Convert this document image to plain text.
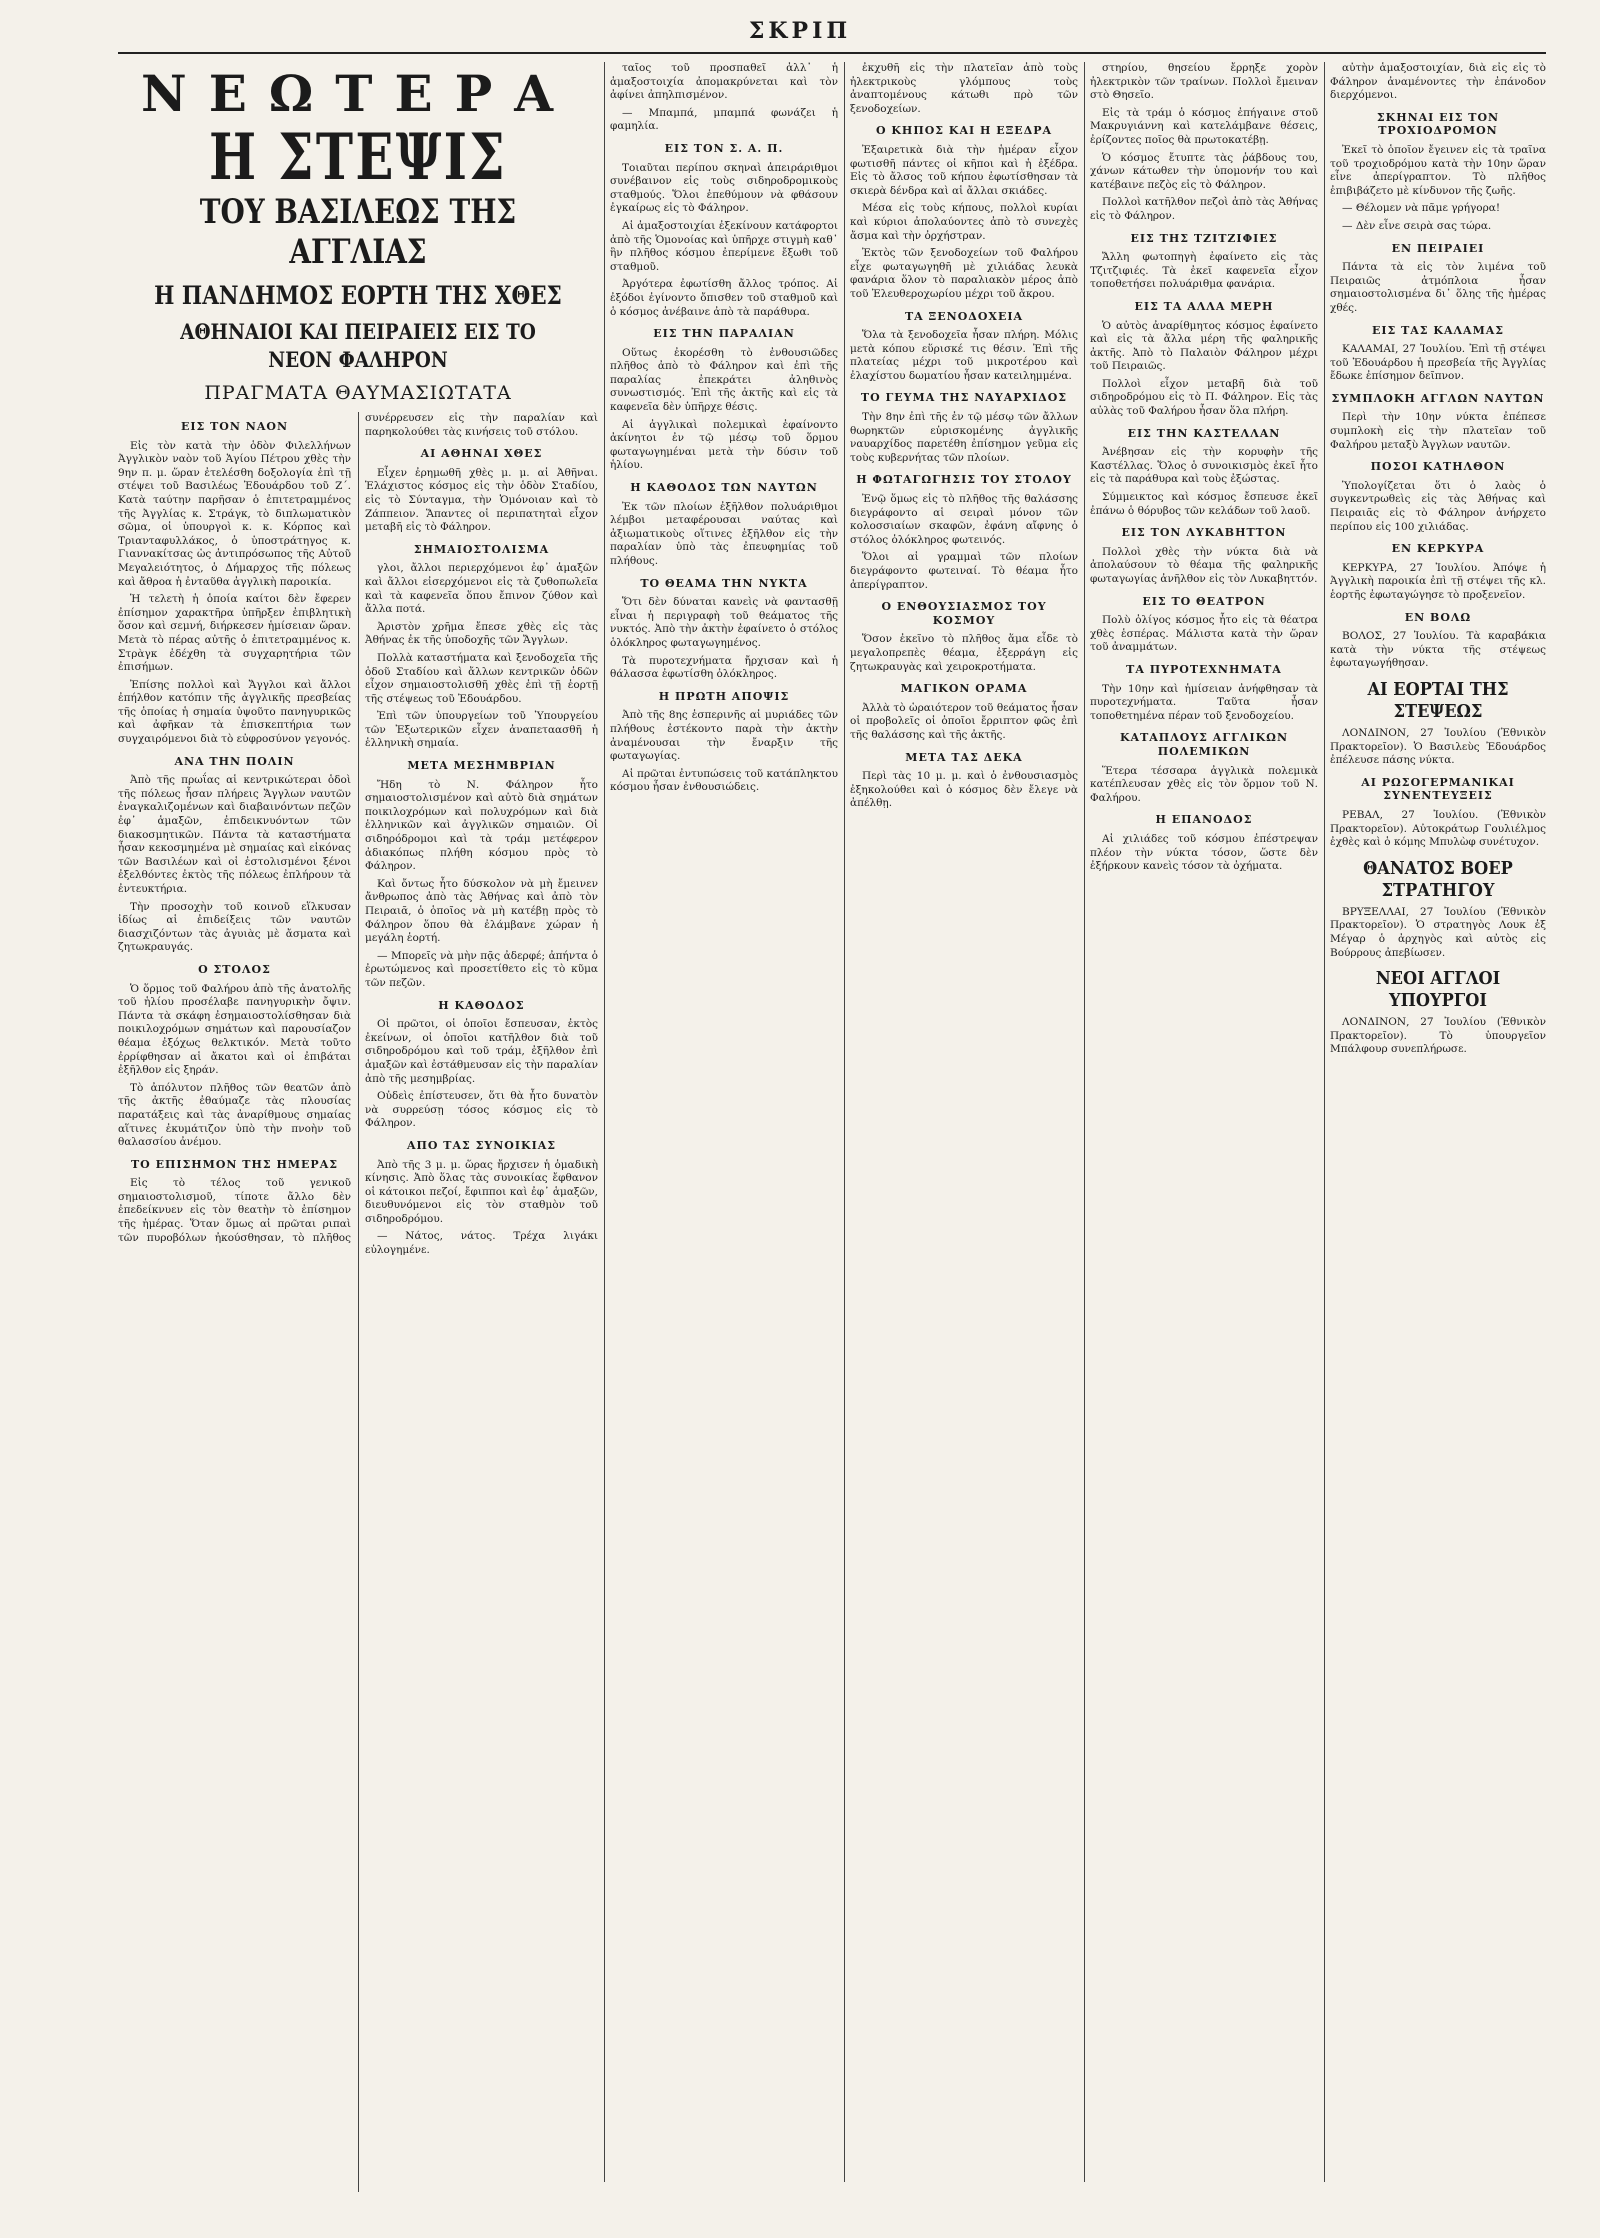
ΣΚΡΙΠ
ΝΕΩΤΕΡΑ
Η ΣΤΕΨΙΣ
ΤΟΥ ΒΑΣΙΛΕΩΣ ΤΗΣ ΑΓΓΛΙΑΣ
Η ΠΑΝΔΗΜΟΣ ΕΟΡΤΗ ΤΗΣ ΧΘΕΣ
ΑΘΗΝΑΙΟΙ ΚΑΙ ΠΕΙΡΑΙΕΙΣ ΕΙΣ ΤΟ ΝΕΟΝ ΦΑΛΗΡΟΝ
ΠΡΑΓΜΑΤΑ ΘΑΥΜΑΣΙΩΤΑΤΑ
ΕΙΣ ΤΟΝ ΝΑΟΝ

Εἰς τὸν κατὰ τὴν ὁδὸν Φιλελλήνων Ἀγγλικὸν ναὸν τοῦ Ἁγίου Πέτρου χθὲς τὴν 9ην π. μ. ὥραν ἐτελέσθη δοξολογία ἐπὶ τῇ στέψει τοῦ Βασιλέως Ἐδουάρδου τοῦ Ζ΄. Κατὰ ταύτην παρῆσαν ὁ ἐπιτετραμμένος τῆς Ἀγγλίας κ. Στράγκ, τὸ διπλωματικὸν σῶμα, οἱ ὑπουργοὶ κ. κ. Κόρπος καὶ Τριανταφυλλάκος, ὁ ὑποστράτηγος κ. Γιαννακίτσας ὡς ἀντιπρόσωπος τῆς Αὐτοῦ Μεγαλειότητος, ὁ Δήμαρχος τῆς πόλεως καὶ ἄθροα ἡ ἐνταῦθα ἀγγλικὴ παροικία.

Ἡ τελετὴ ἡ ὁποία καίτοι δὲν ἔφερεν ἐπίσημον χαρακτῆρα ὑπῆρξεν ἐπιβλητικὴ ὅσον καὶ σεμνή, διήρκεσεν ἡμίσειαν ὥραν. Μετὰ τὸ πέρας αὐτῆς ὁ ἐπιτετραμμένος κ. Στρὰγκ ἐδέχθη τὰ συγχαρητήρια τῶν ἐπισήμων.

Ἐπίσης πολλοὶ καὶ Ἄγγλοι καὶ ἄλλοι ἐπήλθον κατόπιν τῆς ἀγγλικῆς πρεσβείας τῆς ὁποίας ἡ σημαία ὑψοῦτο πανηγυρικῶς καὶ ἀφῆκαν τὰ ἐπισκεπτήρια των συγχαιρόμενοι διὰ τὸ εὐφροσύνον γεγονός.

ΑΝΑ ΤΗΝ ΠΟΛΙΝ

Ἀπὸ τῆς πρωΐας αἱ κεντρικώτεραι ὁδοὶ τῆς πόλεως ἦσαν πλήρεις Ἄγγλων ναυτῶν ἐναγκαλιζομένων καὶ διαβαινόντων πεζῶν ἐφ᾽ ἁμαξῶν, ἐπιδεικνυόντων τῶν διακοσμητικῶν. Πάντα τὰ καταστήματα ἦσαν κεκοσμημένα μὲ σημαίας καὶ εἰκόνας τῶν Βασιλέων καὶ οἱ ἐστολισμένοι ξένοι ἐξελθόντες ἐκτὸς τῆς πόλεως ἐπλήρουν τὰ ἐντευκτήρια.

Τὴν προσοχὴν τοῦ κοινοῦ εἵλκυσαν ἰδίως αἱ ἐπιδείξεις τῶν ναυτῶν διασχιζόντων τὰς ἀγυιὰς μὲ ἄσματα καὶ ζητωκραυγάς.

Ο ΣΤΟΛΟΣ

Ὁ ὅρμος τοῦ Φαλήρου ἀπὸ τῆς ἀνατολῆς τοῦ ἡλίου προσέλαβε πανηγυρικὴν ὄψιν. Πάντα τὰ σκάφη ἐσημαιοστολίσθησαν διὰ ποικιλοχρόμων σημάτων καὶ παρουσίαζον θέαμα ἐξόχως θελκτικόν. Μετὰ τοῦτο ἐρρίφθησαν αἱ ἄκατοι καὶ οἱ ἐπιβάται ἐξῆλθον εἰς ξηράν.

Τὸ ἀπόλυτον πλῆθος τῶν θεατῶν ἀπὸ τῆς ἀκτῆς ἐθαύμαζε τὰς πλουσίας παρατάξεις καὶ τὰς ἀναρίθμους σημαίας αἵτινες ἐκυμάτιζον ὑπὸ τὴν πνοὴν τοῦ θαλασσίου ἀνέμου.

ΤΟ ΕΠΙΣΗΜΟΝ ΤΗΣ ΗΜΕΡΑΣ

Εἰς τὸ τέλος τοῦ γενικοῦ σημαιοστολισμοῦ, τίποτε ἄλλο δὲν ἐπεδείκνυεν εἰς τὸν θεατὴν τὸ ἐπίσημον τῆς ἡμέρας. Ὅταν ὅμως αἱ πρῶται ριπαὶ τῶν πυροβόλων ἠκούσθησαν, τὸ πλῆθος συνέρρευσεν εἰς τὴν παραλίαν καὶ παρηκολούθει τὰς κινήσεις τοῦ στόλου.

ΑΙ ΑΘΗΝΑΙ ΧΘΕΣ

Εἶχεν ἐρημωθῆ χθὲς μ. μ. αἱ Ἀθῆναι. Ἑλάχιστος κόσμος εἰς τὴν ὁδὸν Σταδίου, εἰς τὸ Σύνταγμα, τὴν Ὁμόνοιαν καὶ τὸ Ζάππειον. Ἅπαντες οἱ περιπατηταὶ εἶχον μεταβῆ εἰς τὸ Φάληρον.

ΣΗΜΑΙΟΣΤΟΛΙΣΜΑ

γλοι, ἄλλοι περιερχόμενοι ἐφ᾽ ἁμαξῶν καὶ ἄλλοι εἰσερχόμενοι εἰς τὰ ζυθοπωλεῖα καὶ τὰ καφενεῖα ὅπου ἔπινον ζύθον καὶ ἄλλα ποτά.

Ἀριστὸν χρῆμα ἔπεσε χθὲς εἰς τὰς Ἀθήνας ἐκ τῆς ὑποδοχῆς τῶν Ἄγγλων.

Πολλὰ καταστήματα καὶ ξενοδοχεῖα τῆς ὁδοῦ Σταδίου καὶ ἄλλων κεντρικῶν ὁδῶν εἶχον σημαιοστολισθῆ χθὲς ἐπὶ τῇ ἑορτῇ τῆς στέψεως τοῦ Ἐδουάρδου.

Ἐπὶ τῶν ὑπουργείων τοῦ Ὑπουργείου τῶν Ἐξωτερικῶν εἶχεν ἀναπεταασθῆ ἡ ἑλληνικὴ σημαία.

ΜΕΤΑ ΜΕΣΗΜΒΡΙΑΝ

Ἤδη τὸ Ν. Φάληρον ἦτο σημαιοστολισμένον καὶ αὐτὸ διὰ σημάτων ποικιλοχρόμων καὶ πολυχρόμων καὶ διὰ ἑλληνικῶν καὶ ἀγγλικῶν σημαιῶν. Οἱ σιδηρόδρομοι καὶ τὰ τράμ μετέφερον ἀδιακόπως πλήθη κόσμου πρὸς τὸ Φάληρον.

Καὶ ὄντως ἦτο δύσκολον νὰ μὴ ἔμεινεν ἄνθρωπος ἀπὸ τὰς Ἀθήνας καὶ ἀπὸ τὸν Πειραιᾶ, ὁ ὁποῖος νὰ μὴ κατέβῃ πρὸς τὸ Φάληρον ὅπου θὰ ἐλάμβανε χώραν ἡ μεγάλη ἑορτή.

— Μπορεῖς νὰ μὴν πᾷς ἀδερφέ; ἀπήντα ὁ ἐρωτώμενος καὶ προσετίθετο εἰς τὸ κῦμα τῶν πεζῶν.

Η ΚΑΘΟΔΟΣ

Οἱ πρῶτοι, οἱ ὁποῖοι ἔσπευσαν, ἐκτὸς ἐκείνων, οἱ ὁποῖοι κατῆλθον διὰ τοῦ σιδηροδρόμου καὶ τοῦ τράμ, ἐξῆλθον ἐπὶ ἁμαξῶν καὶ ἐστάθμευσαν εἰς τὴν παραλίαν ἀπὸ τῆς μεσημβρίας.

Οὐδεὶς ἐπίστευσεν, ὅτι θὰ ἦτο δυνατὸν νὰ συρρεύσῃ τόσος κόσμος εἰς τὸ Φάληρον.

ΑΠΟ ΤΑΣ ΣΥΝΟΙΚΙΑΣ

Ἀπὸ τῆς 3 μ. μ. ὥρας ἤρχισεν ἡ ὁμαδικὴ κίνησις. Ἀπὸ ὅλας τὰς συνοικίας ἔφθανον οἱ κάτοικοι πεζοί, ἔφιπποι καὶ ἐφ᾽ ἁμαξῶν, διευθυνόμενοι εἰς τὸν σταθμὸν τοῦ σιδηροδρόμου.

— Νάτος, νάτος. Τρέχα λιγάκι εὐλογημένε.

ταῖος τοῦ προσπαθεῖ ἀλλ᾽ ἡ ἁμαξοστοιχία ἀπομακρύνεται καὶ τὸν ἀφίνει ἀπηλπισμένον.

— Μπαμπά, μπαμπά φωνάζει ἡ φαμηλία.

ΕΙΣ ΤΟΝ Σ. Α. Π.

Τοιαῦται περίπου σκηναὶ ἀπειράριθμοι συνέβαινον εἰς τοὺς σιδηροδρομικοὺς σταθμούς. Ὅλοι ἐπεθύμουν νὰ φθάσουν ἐγκαίρως εἰς τὸ Φάληρον.

Αἱ ἀμαξοστοιχίαι ἐξεκίνουν κατάφορτοι ἀπὸ τῆς Ὁμονοίας καὶ ὑπῆρχε στιγμὴ καθ᾽ ἣν πλῆθος κόσμου ἐπερίμενε ἔξωθι τοῦ σταθμοῦ.

Ἀργότερα ἐφωτίσθη ἄλλος τρόπος. Αἱ ἐξόδοι ἐγίνοντο ὄπισθεν τοῦ σταθμοῦ καὶ ὁ κόσμος ἀνέβαινε ἀπὸ τὰ παράθυρα.

ΕΙΣ ΤΗΝ ΠΑΡΑΛΙΑΝ

Οὕτως ἐκορέσθη τὸ ἐνθουσιῶδες πλῆθος ἀπὸ τὸ Φάληρον καὶ ἐπὶ τῆς παραλίας ἐπεκράτει ἀληθινὸς συνωστισμός. Ἐπὶ τῆς ἀκτῆς καὶ εἰς τὰ καφενεῖα δὲν ὑπῆρχε θέσις.

Αἱ ἀγγλικαὶ πολεμικαὶ ἐφαίνοντο ἀκίνητοι ἐν τῷ μέσῳ τοῦ ὅρμου φωταγωγημέναι μετὰ τὴν δύσιν τοῦ ἡλίου.

Η ΚΑΘΟΔΟΣ ΤΩΝ ΝΑΥΤΩΝ

Ἐκ τῶν πλοίων ἐξῆλθον πολυάριθμοι λέμβοι μεταφέρουσαι ναύτας καὶ ἀξιωματικοὺς οἵτινες ἐξῆλθον εἰς τὴν παραλίαν ὑπὸ τὰς ἐπευφημίας τοῦ πλήθους.

ΤΟ ΘΕΑΜΑ ΤΗΝ ΝΥΚΤΑ

Ὅτι δὲν δύναται κανεὶς νὰ φαντασθῇ εἶναι ἡ περιγραφὴ τοῦ θεάματος τῆς νυκτός. Ἀπὸ τὴν ἀκτὴν ἐφαίνετο ὁ στόλος ὁλόκληρος φωταγωγημένος.

Τὰ πυροτεχνήματα ἤρχισαν καὶ ἡ θάλασσα ἐφωτίσθη ὁλόκληρος.

Η ΠΡΩΤΗ ΑΠΟΨΙΣ

Ἀπὸ τῆς 8ης ἑσπερινῆς αἱ μυριάδες τῶν πλήθους ἐστέκοντο παρὰ τὴν ἀκτὴν ἀναμένουσαι τὴν ἔναρξιν τῆς φωταγωγίας.

Αἱ πρῶται ἐντυπώσεις τοῦ κατάπληκτου κόσμου ἦσαν ἐνθουσιώδεις.

ἐκχυθῆ εἰς τὴν πλατεῖαν ἀπὸ τοὺς ἠλεκτρικοὺς γλόμπους τοὺς ἀναπτομένους κάτωθι πρὸ τῶν ξενοδοχείων.

Ο ΚΗΠΟΣ ΚΑΙ Η ΕΞΕΔΡΑ

Ἐξαιρετικὰ διὰ τὴν ἡμέραν εἶχον φωτισθῆ πάντες οἱ κῆποι καὶ ἡ ἐξέδρα. Εἰς τὸ ἄλσος τοῦ κήπου ἐφωτίσθησαν τὰ σκιερὰ δένδρα καὶ αἱ ἄλλαι σκιάδες.

Μέσα εἰς τοὺς κήπους, πολλοὶ κυρίαι καὶ κύριοι ἀπολαύοντες ἀπὸ τὸ συνεχὲς ἄσμα καὶ τὴν ὀρχήστραν.

Ἐκτὸς τῶν ξενοδοχείων τοῦ Φαλήρου εἶχε φωταγωγηθῆ μὲ χιλιάδας λευκὰ φανάρια ὅλον τὸ παραλιακὸν μέρος ἀπὸ τοῦ Ἐλευθεροχωρίου μέχρι τοῦ ἄκρου.

ΤΑ ΞΕΝΟΔΟΧΕΙΑ

Ὅλα τὰ ξενοδοχεῖα ἦσαν πλήρη. Μόλις μετὰ κόπου εὕρισκέ τις θέσιν. Ἐπὶ τῆς πλατείας μέχρι τοῦ μικροτέρου καὶ ἐλαχίστου δωματίου ἦσαν κατειλημμένα.

ΤΟ ΓΕΥΜΑ ΤΗΣ ΝΑΥΑΡΧΙΔΟΣ

Τὴν 8ην ἐπὶ τῆς ἐν τῷ μέσῳ τῶν ἄλλων θωρηκτῶν εὑρισκομένης ἀγγλικῆς ναυαρχίδος παρετέθη ἐπίσημον γεῦμα εἰς τοὺς κυβερνήτας τῶν πλοίων.

Η ΦΩΤΑΓΩΓΗΣΙΣ ΤΟΥ ΣΤΟΛΟΥ

Ἐνῷ ὅμως εἰς τὸ πλῆθος τῆς θαλάσσης διεγράφοντο αἱ σειραὶ μόνον τῶν κολοσσιαίων σκαφῶν, ἐφάνη αἴφνης ὁ στόλος ὁλόκληρος φωτεινός.

Ὅλοι αἱ γραμμαὶ τῶν πλοίων διεγράφοντο φωτειναί. Τὸ θέαμα ἦτο ἀπερίγραπτον.

Ο ΕΝΘΟΥΣΙΑΣΜΟΣ ΤΟΥ ΚΟΣΜΟΥ

Ὅσον ἐκεῖνο τὸ πλῆθος ἅμα εἶδε τὸ μεγαλοπρεπὲς θέαμα, ἐξερράγη εἰς ζητωκραυγὰς καὶ χειροκροτήματα.

ΜΑΓΙΚΟΝ ΟΡΑΜΑ

Ἀλλὰ τὸ ὡραιότερον τοῦ θεάματος ἦσαν οἱ προβολεῖς οἱ ὁποῖοι ἔρριπτον φῶς ἐπὶ τῆς θαλάσσης καὶ τῆς ἀκτῆς.

ΜΕΤΑ ΤΑΣ ΔΕΚΑ

Περὶ τὰς 10 μ. μ. καὶ ὁ ἐνθουσιασμὸς ἐξηκολούθει καὶ ὁ κόσμος δὲν ἔλεγε νὰ ἀπέλθῃ.

στηρίου, θησείου ἔρρηξε χορὸν ἠλεκτρικὸν τῶν τραίνων. Πολλοὶ ἔμειναν στὸ Θησεῖο.

Εἰς τὰ τράμ ὁ κόσμος ἐπήγαινε στοῦ Μακρυγιάννη καὶ κατελάμβανε θέσεις, ἐρίζοντες ποῖος θὰ πρωτοκατέβῃ.

Ὁ κόσμος ἔτυπτε τὰς ῥάβδους του, χάνων κάτωθεν τὴν ὑπομονήν του καὶ κατέβαινε πεζὸς εἰς τὸ Φάληρον.

Πολλοὶ κατῆλθον πεζοὶ ἀπὸ τὰς Ἀθήνας εἰς τὸ Φάληρον.

ΕΙΣ ΤΗΣ ΤΖΙΤΖΙΦΙΕΣ

Ἄλλη φωτοπηγὴ ἐφαίνετο εἰς τὰς Τζιτζιφιές. Τὰ ἐκεῖ καφενεῖα εἶχον τοποθετήσει πολυάριθμα φανάρια.

ΕΙΣ ΤΑ ΑΛΛΑ ΜΕΡΗ

Ὁ αὐτὸς ἀναρίθμητος κόσμος ἐφαίνετο καὶ εἰς τὰ ἄλλα μέρη τῆς φαληρικῆς ἀκτῆς. Ἀπὸ τὸ Παλαιὸν Φάληρον μέχρι τοῦ Πειραιῶς.

Πολλοὶ εἶχον μεταβῆ διὰ τοῦ σιδηροδρόμου εἰς τὸ Π. Φάληρον. Εἰς τὰς αὐλὰς τοῦ Φαλήρου ἦσαν ὅλα πλήρη.

ΕΙΣ ΤΗΝ ΚΑΣΤΕΛΛΑΝ

Ἀνέβησαν εἰς τὴν κορυφὴν τῆς Καστέλλας. Ὅλος ὁ συνοικισμὸς ἐκεῖ ἦτο εἰς τὰ παράθυρα καὶ τοὺς ἐξώστας.

Σύμμεικτος καὶ κόσμος ἔσπευσε ἐκεῖ ἐπάνω ὁ θόρυβος τῶν κελάδων τοῦ λαοῦ.

ΕΙΣ ΤΟΝ ΛΥΚΑΒΗΤΤΟΝ

Πολλοὶ χθὲς τὴν νύκτα διὰ νὰ ἀπολαύσουν τὸ θέαμα τῆς φαληρικῆς φωταγωγίας ἀνῆλθον εἰς τὸν Λυκαβηττόν.

ΕΙΣ ΤΟ ΘΕΑΤΡΟΝ

Πολὺ ὀλίγος κόσμος ἦτο εἰς τὰ θέατρα χθὲς ἑσπέρας. Μάλιστα κατὰ τὴν ὥραν τοῦ ἀναμμάτων.

ΤΑ ΠΥΡΟΤΕΧΝΗΜΑΤΑ

Τὴν 10ην καὶ ἡμίσειαν ἀνήφθησαν τὰ πυροτεχνήματα. Ταῦτα ἦσαν τοποθετημένα πέραν τοῦ ξενοδοχείου.

ΚΑΤΑΠΛΟΥΣ ΑΓΓΛΙΚΩΝ ΠΟΛΕΜΙΚΩΝ

Ἕτερα τέσσαρα ἀγγλικὰ πολεμικὰ κατέπλευσαν χθὲς εἰς τὸν ὅρμον τοῦ Ν. Φαλήρου.

Η ΕΠΑΝΟΔΟΣ

Αἱ χιλιάδες τοῦ κόσμου ἐπέστρεψαν πλέον τὴν νύκτα τόσον, ὥστε δὲν ἐξήρκουν κανεὶς τόσον τὰ ὀχήματα.

αὐτὴν ἁμαξοστοιχίαν, διὰ εἰς εἰς τὸ Φάληρον ἀναμένοντες τὴν ἐπάνοδον διερχόμενοι.

ΣΚΗΝΑΙ ΕΙΣ ΤΟΝ ΤΡΟΧΙΟΔΡΟΜΟΝ

Ἐκεῖ τὸ ὁποῖον ἔγεινεν εἰς τὰ τραῖνα τοῦ τροχιοδρόμου κατὰ τὴν 10ην ὥραν εἶνε ἀπερίγραπτον. Τὸ πλῆθος ἐπιβιβάζετο μὲ κίνδυνον τῆς ζωῆς.

— Θέλομεν νὰ πᾶμε γρήγορα!

— Δὲν εἶνε σειρὰ σας τώρα.

ΕΝ ΠΕΙΡΑΙΕΙ

Πάντα τὰ εἰς τὸν λιμένα τοῦ Πειραιῶς ἀτμόπλοια ἦσαν σημαιοστολισμένα δι᾽ ὅλης τῆς ἡμέρας χθές.

ΕΙΣ ΤΑΣ ΚΑΛΑΜΑΣ

ΚΑΛΑΜΑΙ, 27 Ἰουλίου. Ἐπὶ τῇ στέψει τοῦ Ἐδουάρδου ἡ πρεσβεία τῆς Ἀγγλίας ἔδωκε ἐπίσημον δεῖπνον.

ΣΥΜΠΛΟΚΗ ΑΓΓΛΩΝ ΝΑΥΤΩΝ

Περὶ τὴν 10ην νύκτα ἐπέπεσε συμπλοκὴ εἰς τὴν πλατεῖαν τοῦ Φαλήρου μεταξὺ Ἀγγλων ναυτῶν.

ΠΟΣΟΙ ΚΑΤΗΛΘΟΝ

Ὑπολογίζεται ὅτι ὁ λαὸς ὁ συγκεντρωθεὶς εἰς τὰς Ἀθήνας καὶ Πειραιᾶς εἰς τὸ Φάληρον ἀνήρχετο περίπου εἰς 100 χιλιάδας.

ΕΝ ΚΕΡΚΥΡΑ

ΚΕΡΚΥΡΑ, 27 Ἰουλίου. Ἀπόψε ἡ Ἀγγλικὴ παροικία ἐπὶ τῇ στέψει τῆς κλ. ἑορτῆς ἐφωταγώγησε τὸ προξενεῖον.

ΕΝ ΒΟΛΩ

ΒΟΛΟΣ, 27 Ἰουλίου. Τὰ καραβάκια κατὰ τὴν νύκτα τῆς στέψεως ἐφωταγωγήθησαν.

ΑΙ ΕΟΡΤΑΙ ΤΗΣ ΣΤΕΨΕΩΣ

ΛΟΝΔΙΝΟΝ, 27 Ἰουλίου (Ἐθνικὸν Πρακτορεῖον). Ὁ Βασιλεὺς Ἐδουάρδος ἐπέλευσε πάσης νύκτα.

ΑΙ ΡΩΣΟΓΕΡΜΑΝΙΚΑΙ ΣΥΝΕΝΤΕΥΞΕΙΣ

ΡΕΒΑΛ, 27 Ἰουλίου. (Ἐθνικὸν Πρακτορεῖον). Αὐτοκράτωρ Γουλιέλμος ἐχθὲς καὶ ὁ κόμης Μπυλὼφ συνέτυχον.

ΘΑΝΑΤΟΣ ΒΟΕΡ ΣΤΡΑΤΗΓΟΥ

ΒΡΥΞΕΛΛΑΙ, 27 Ἰουλίου (Ἐθνικὸν Πρακτορεῖον). Ὁ στρατηγὸς Λουκ ἐξ Μέγαρ ὁ ἀρχηγὸς καὶ αὐτὸς εἰς Βούρρους ἀπεβίωσεν.

ΝΕΟΙ ΑΓΓΛΟΙ ΥΠΟΥΡΓΟΙ

ΛΟΝΔΙΝΟΝ, 27 Ἰουλίου (Ἐθνικὸν Πρακτορεῖον). Τὸ ὑπουργεῖον Μπάλφουρ συνεπλήρωσε.
